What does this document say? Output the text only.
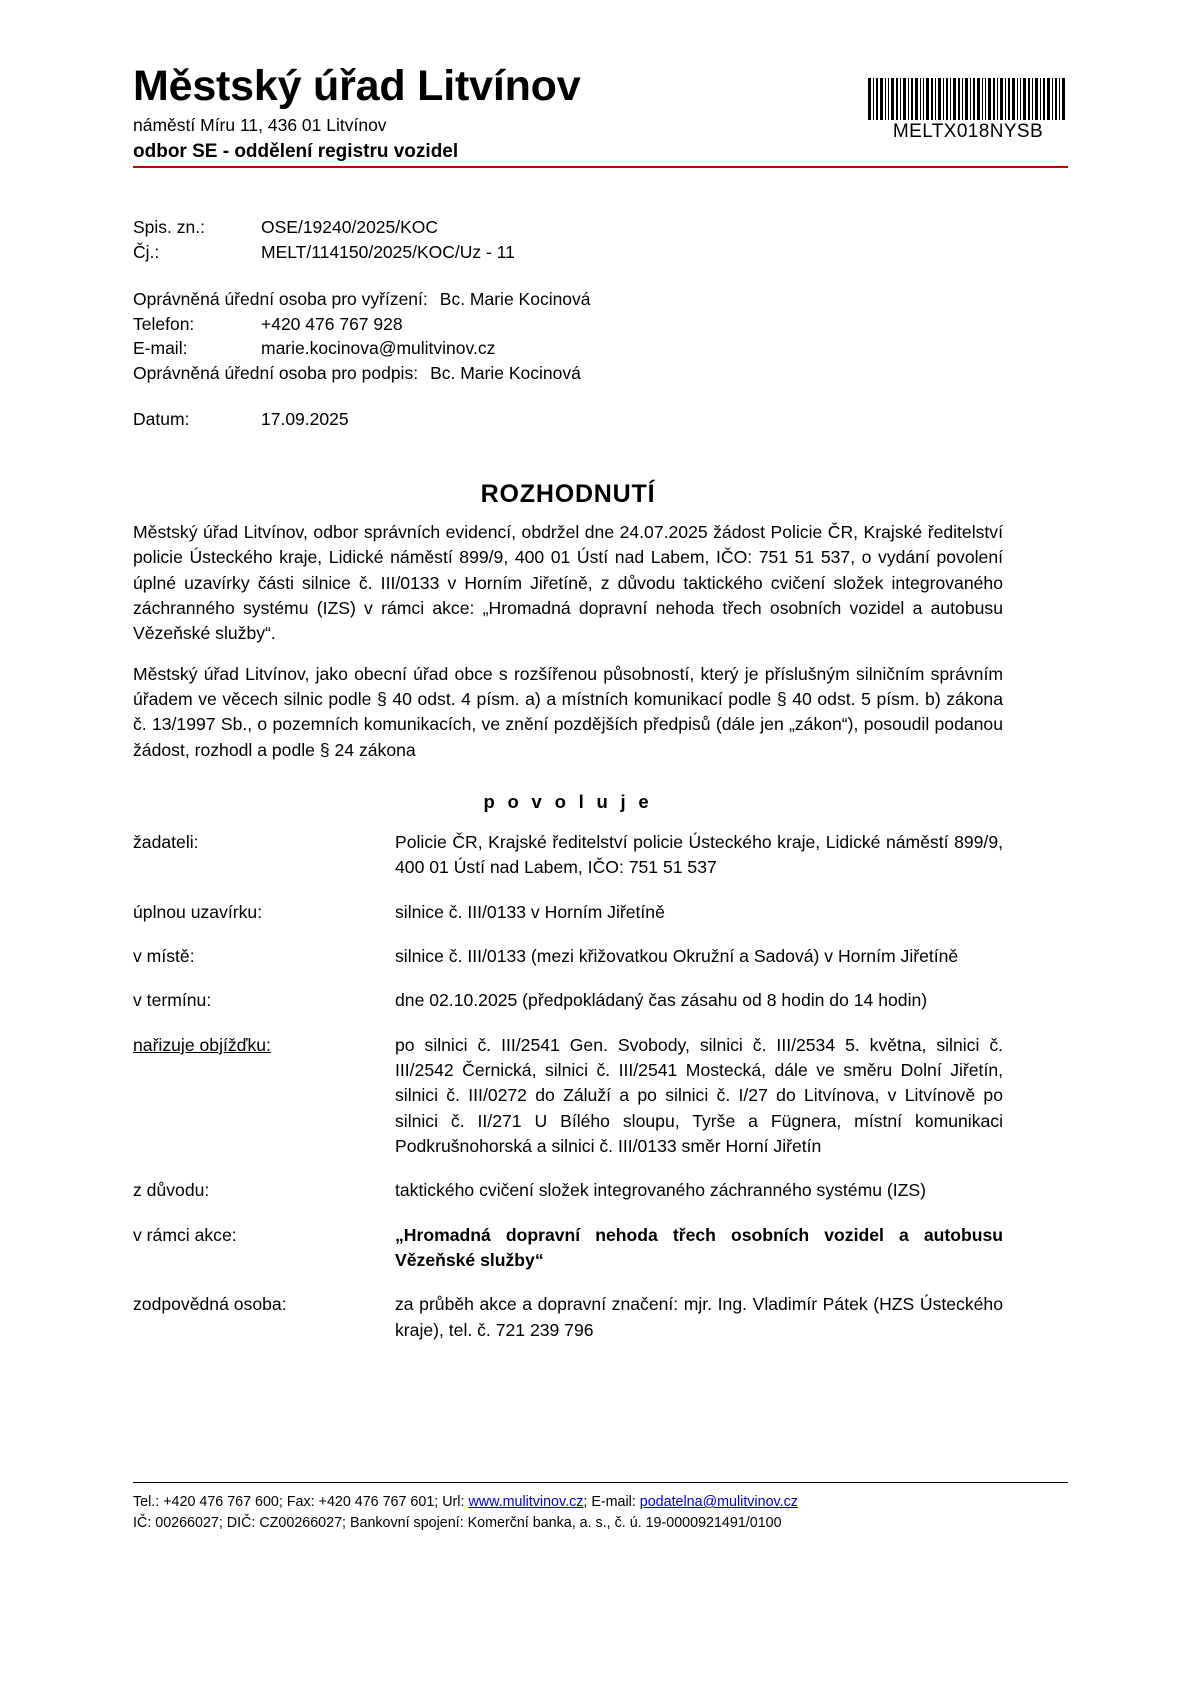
Městský úřad Litvínov
náměstí Míru 11, 436 01 Litvínov
odbor SE - oddělení registru vozidel
MELTX018NYSB
Spis. zn.:	OSE/19240/2025/KOC
Čj.:	MELT/114150/2025/KOC/Uz - 11
Oprávněná úřední osoba pro vyřízení: Bc. Marie Kocinová
Telefon:	+420 476 767 928
E-mail:	marie.kocinova@mulitvinov.cz
Oprávněná úřední osoba pro podpis: Bc. Marie Kocinová
Datum:	17.09.2025
ROZHODNUTÍ

Městský úřad Litvínov, odbor správních evidencí, obdržel dne 24.07.2025 žádost Policie ČR, Krajské ředitelství policie Ústeckého kraje, Lidické náměstí 899/9, 400 01 Ústí nad Labem, IČO: 751 51 537, o vydání povolení úplné uzavírky části silnice č. III/0133 v Horním Jiřetíně, z důvodu taktického cvičení složek integrovaného záchranného systému (IZS) v rámci akce: „Hromadná dopravní nehoda třech osobních vozidel a autobusu Vězeňské služby“.

Městský úřad Litvínov, jako obecní úřad obce s rozšířenou působností, který je příslušným silničním správním úřadem ve věcech silnic podle § 40 odst. 4 písm. a) a místních komunikací podle § 40 odst. 5 písm. b) zákona č. 13/1997 Sb., o pozemních komunikacích, ve znění pozdějších předpisů (dále jen „zákon“), posoudil podanou žádost, rozhodl a podle § 24 zákona

p o v o l u j e

žadateli:	Policie ČR, Krajské ředitelství policie Ústeckého kraje, Lidické náměstí 899/9, 400 01 Ústí nad Labem, IČO: 751 51 537
úplnou uzavírku:	silnice č. III/0133 v Horním Jiřetíně
v místě:	silnice č. III/0133 (mezi křižovatkou Okružní a Sadová) v Horním Jiřetíně
v termínu:	dne 02.10.2025 (předpokládaný čas zásahu od 8 hodin do 14 hodin)
nařizuje objížďku:	po silnici č. III/2541 Gen. Svobody, silnici č. III/2534 5. května, silnici č. III/2542 Černická, silnici č. III/2541 Mostecká, dále ve směru Dolní Jiřetín, silnici č. III/0272 do Záluží a po silnici č. I/27 do Litvínova, v Litvínově po silnici č. II/271 U Bílého sloupu, Tyrše a Fügnera, místní komunikaci Podkrušnohorská a silnici č. III/0133 směr Horní Jiřetín
z důvodu:	taktického cvičení složek integrovaného záchranného systému (IZS)
v rámci akce:	„Hromadná dopravní nehoda třech osobních vozidel a autobusu Vězeňské služby“
zodpovědná osoba:	za průběh akce a dopravní značení: mjr. Ing. Vladimír Pátek (HZS Ústeckého kraje), tel. č. 721 239 796
Tel.: +420 476 767 600; Fax: +420 476 767 601; Url: www.mulitvinov.cz; E-mail: podatelna@mulitvinov.cz
IČ: 00266027; DIČ: CZ00266027; Bankovní spojení: Komerční banka, a. s., č. ú. 19-0000921491/0100
